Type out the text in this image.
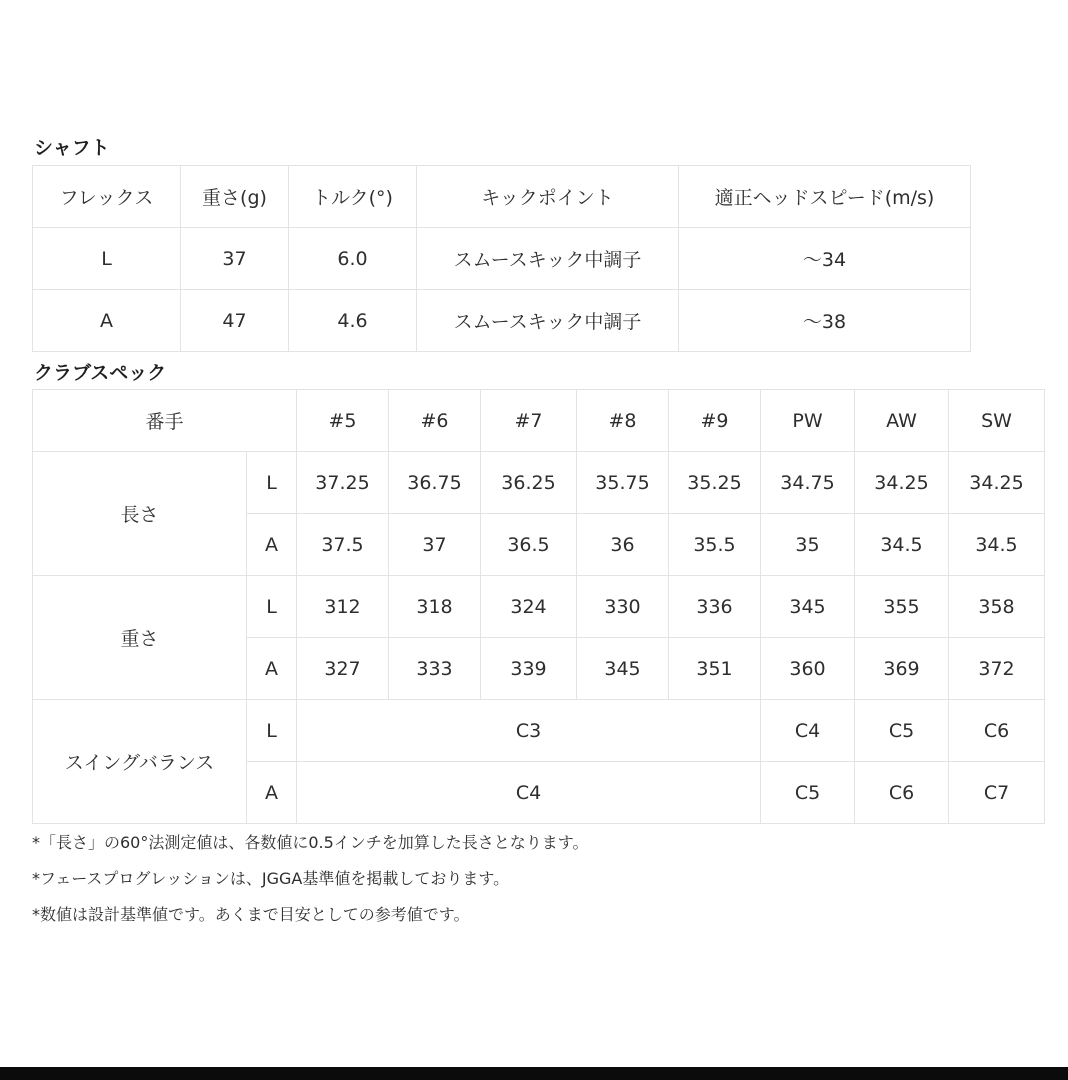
シャフト
フレックス	重さ(g)	トルク(°)	キックポイント	適正ヘッドスピード(m/s)
L	37	6.0	スムースキック中調子	〜34
A	47	4.6	スムースキック中調子	〜38
クラブスペック
番手		#5	#6	#7	#8	#9	PW	AW	SW
長さ	L	37.25	36.75	36.25	35.75	35.25	34.75	34.25	34.25
	A	37.5	37	36.5	36	35.5	35	34.5	34.5
重さ	L	312	318	324	330	336	345	355	358
	A	327	333	339	345	351	360	369	372
スイングバランス	L	C3					C4	C5	C6
	A	C4					C5	C6	C7
*「長さ」の60°法測定値は、各数値に0.5インチを加算した長さとなります。
*フェースプログレッションは、JGGA基準値を掲載しております。
*数値は設計基準値です。あくまで目安としての参考値です。
